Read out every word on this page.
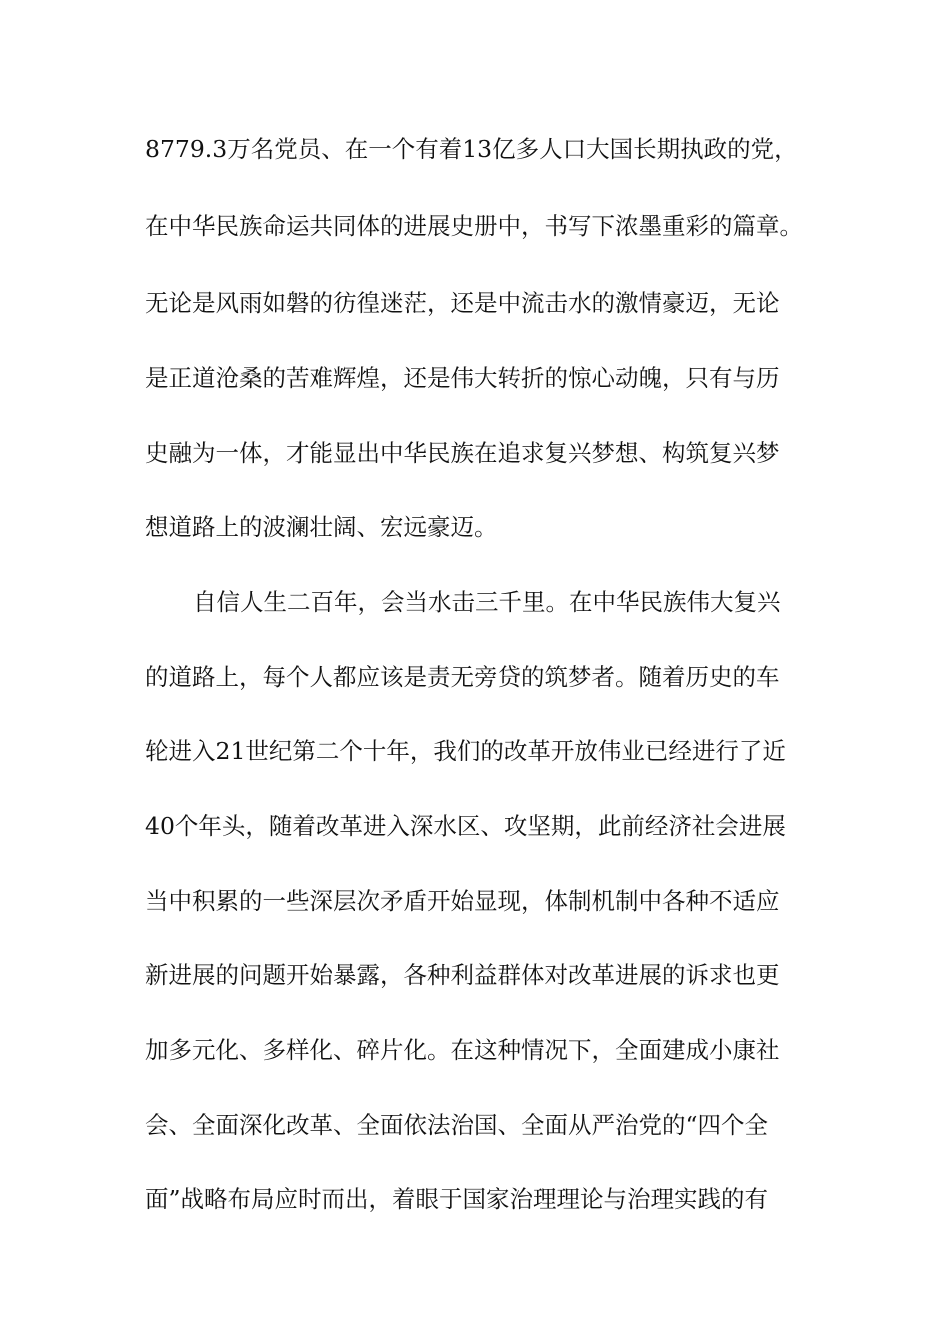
8779.3万名党员、在一个有着13亿多人口大国长期执政的党，

在中华民族命运共同体的进展史册中，书写下浓墨重彩的篇章。

无论是风雨如磐的彷徨迷茫，还是中流击水的激情豪迈，无论

是正道沧桑的苦难辉煌，还是伟大转折的惊心动魄，只有与历

史融为一体，才能显出中华民族在追求复兴梦想、构筑复兴梦

想道路上的波澜壮阔、宏远豪迈。

自信人生二百年，会当水击三千里。在中华民族伟大复兴

的道路上，每个人都应该是责无旁贷的筑梦者。随着历史的车

轮进入21世纪第二个十年，我们的改革开放伟业已经进行了近

40个年头，随着改革进入深水区、攻坚期，此前经济社会进展

当中积累的一些深层次矛盾开始显现，体制机制中各种不适应

新进展的问题开始暴露，各种利益群体对改革进展的诉求也更

加多元化、多样化、碎片化。在这种情况下，全面建成小康社

会、全面深化改革、全面依法治国、全面从严治党的“四个全

面”战略布局应时而出，着眼于国家治理理论与治理实践的有
